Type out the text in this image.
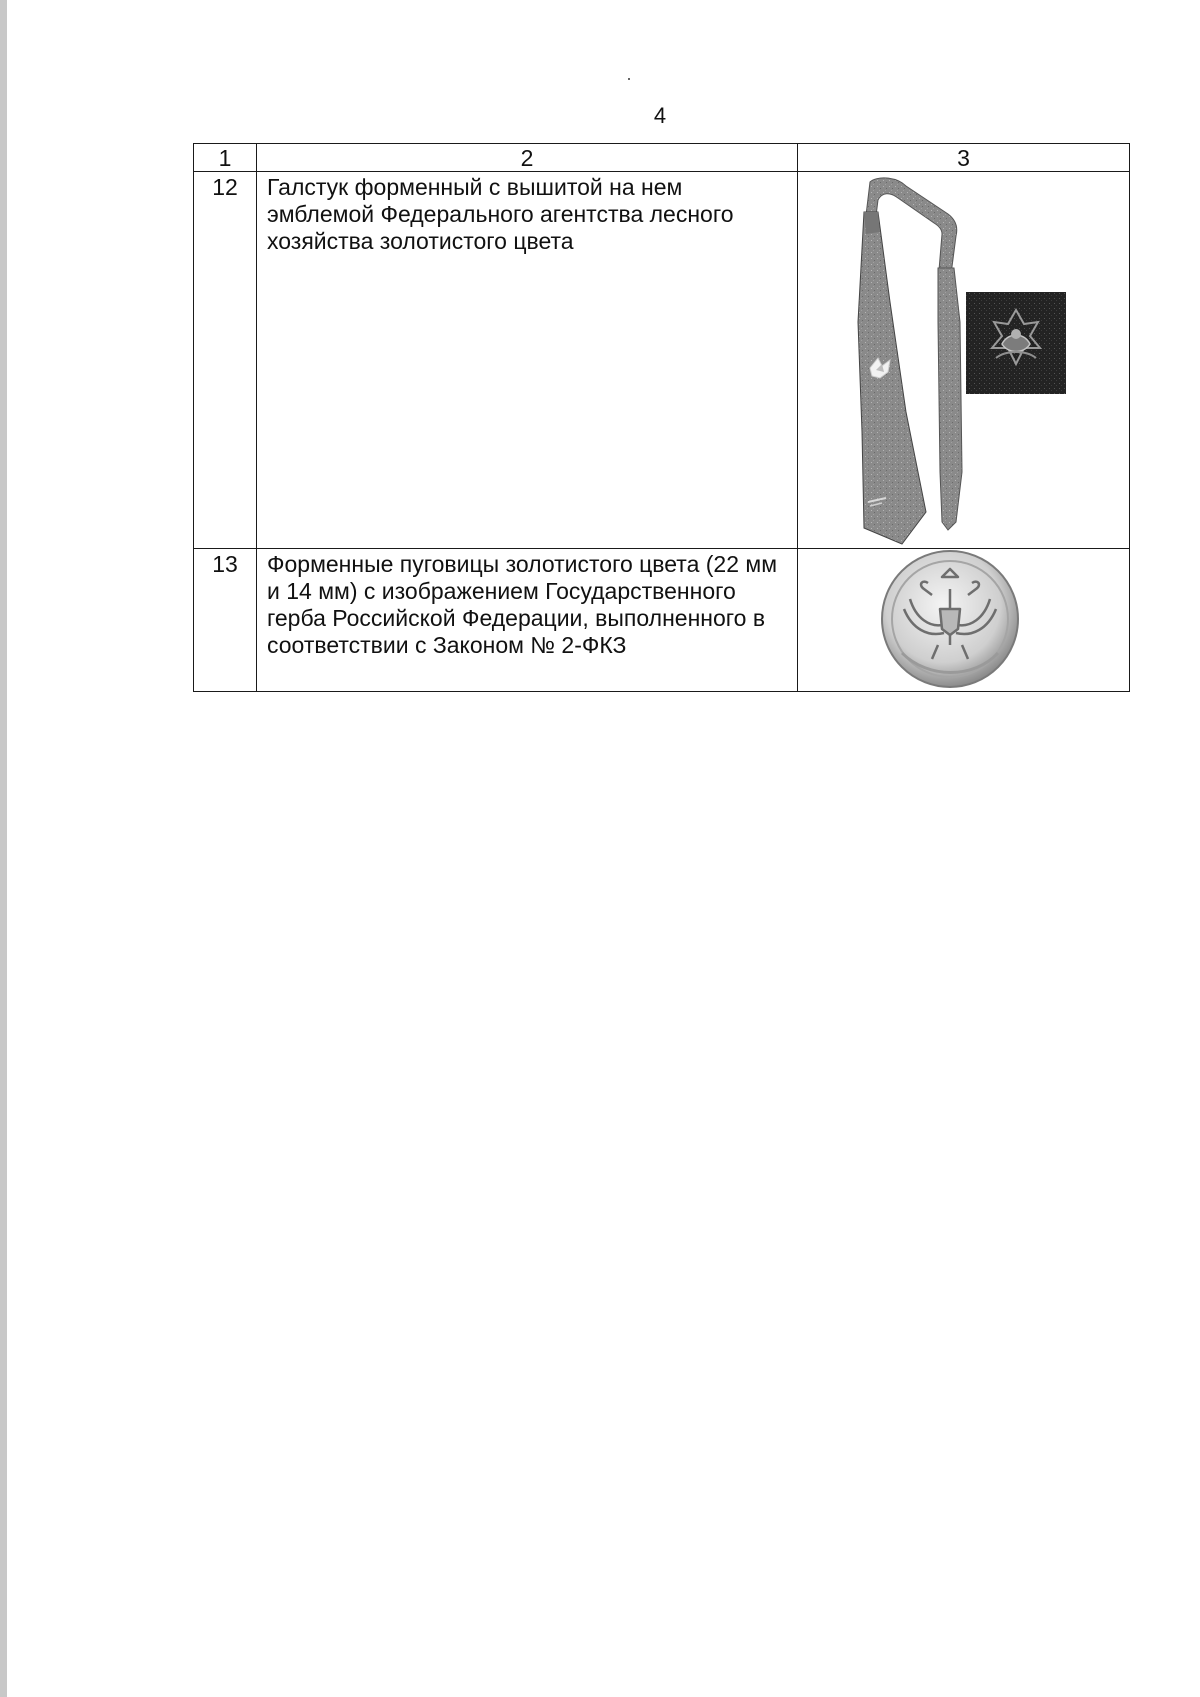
4
1	2	3
12	Галстук форменный с вышитой на нем эмблемой Федерального агентства лесного хозяйства золотистого цвета	

13	Форменные пуговицы золотистого цвета (22 мм и 14 мм) с изображением Государственного герба Российской Федерации, выполненного в соответствии с Законом № 2-ФКЗ	
